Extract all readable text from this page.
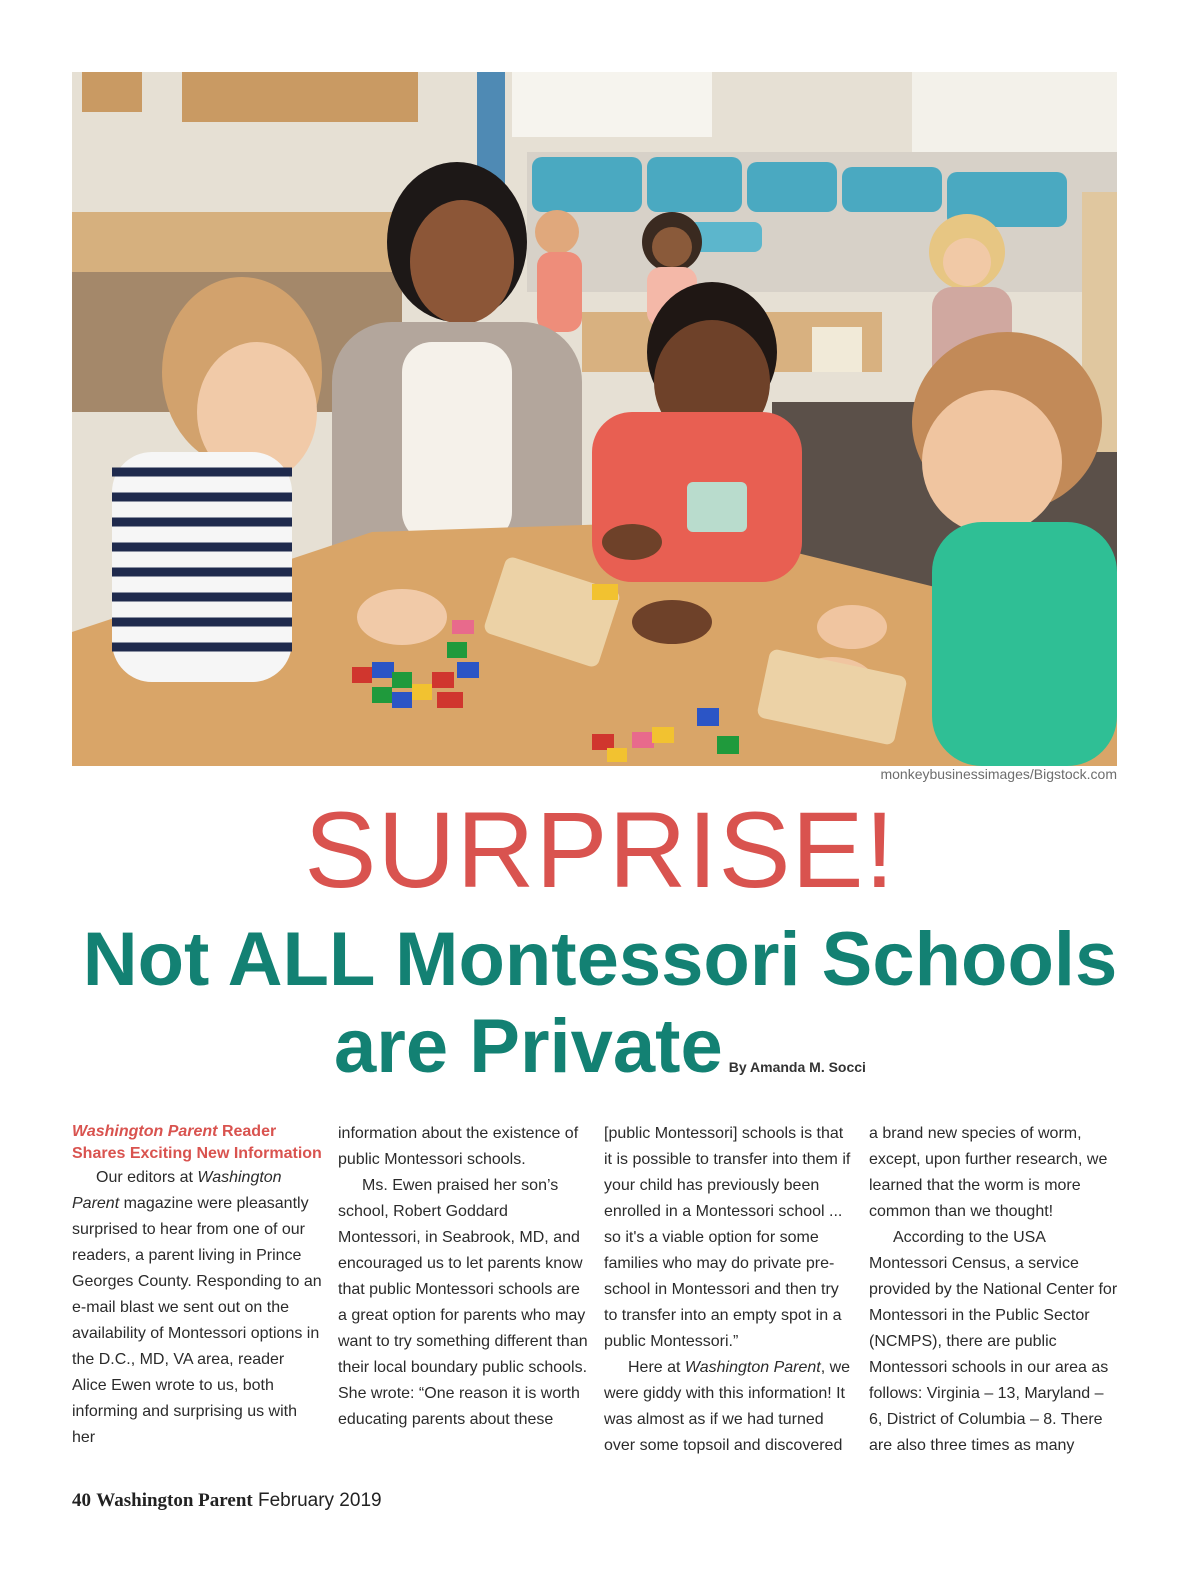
monkeybusinessimages/Bigstock.com
SURPRISE!
Not ALL Montessori Schools
are Private By Amanda M. Socci

Washington Parent Reader Shares Exciting New Information

Our editors at Washington Parent magazine were pleasantly surprised to hear from one of our readers, a parent living in Prince Georges County. Responding to an e-mail blast we sent out on the availability of Montessori options in the D.C., MD, VA area, reader Alice Ewen wrote to us, both informing and surprising us with her

information about the existence of public Montessori schools.

Ms. Ewen praised her son’s school, Robert Goddard Montessori, in Seabrook, MD, and encouraged us to let parents know that public Montessori schools are a great option for parents who may want to try something different than their local boundary public schools. She wrote: “One reason it is worth educating parents about these

[public Montessori] schools is that it is possible to transfer into them if your child has previously been enrolled in a Montessori school ... so it's a viable option for some families who may do private pre-school in Montessori and then try to transfer into an empty spot in a public Montessori.”

Here at Washington Parent, we were giddy with this information! It was almost as if we had turned over some topsoil and discovered

a brand new species of worm, except, upon further research, we learned that the worm is more common than we thought!

According to the USA Montessori Census, a service provided by the National Center for Montessori in the Public Sector (NCMPS), there are public Montessori schools in our area as follows: Virginia – 13, Maryland – 6, District of Columbia – 8. There are also three times as many

40 Washington Parent February 2019
